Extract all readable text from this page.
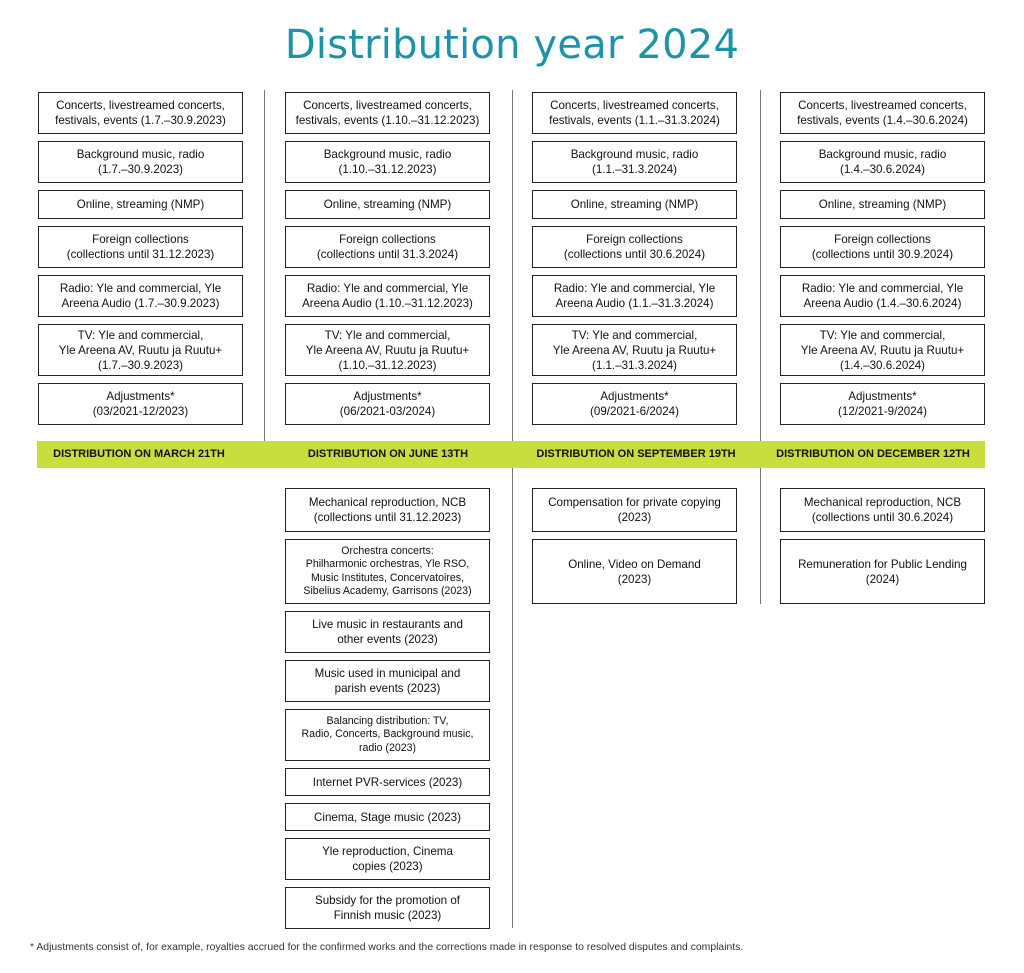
Distribution year 2024
Concerts, livestreamed concerts,
festivals, events (1.7.–30.9.2023)
Background music, radio
(1.7.–30.9.2023)
Online, streaming (NMP)
Foreign collections
(collections until 31.12.2023)
Radio: Yle and commercial, Yle
Areena Audio (1.7.–30.9.2023)
TV: Yle and commercial,
Yle Areena AV, Ruutu ja Ruutu+
(1.7.–30.9.2023)
Adjustments*
(03/2021-12/2023)
DISTRIBUTION ON MARCH 21TH
Concerts, livestreamed concerts,
festivals, events (1.10.–31.12.2023)
Background music, radio
(1.10.–31.12.2023)
Online, streaming (NMP)
Foreign collections
(collections until 31.3.2024)
Radio: Yle and commercial, Yle
Areena Audio (1.10.–31.12.2023)
TV: Yle and commercial,
Yle Areena AV, Ruutu ja Ruutu+
(1.10.–31.12.2023)
Adjustments*
(06/2021-03/2024)
DISTRIBUTION ON JUNE 13TH
Mechanical reproduction, NCB
(collections until 31.12.2023)
Orchestra concerts:
Philharmonic orchestras, Yle RSO,
Music Institutes, Concervatoires,
Sibelius Academy, Garrisons (2023)
Live music in restaurants and
other events (2023)
Music used in municipal and
parish events (2023)
Balancing distribution: TV,
Radio, Concerts, Background music,
radio (2023)
Internet PVR-services (2023)
Cinema, Stage music (2023)
Yle reproduction, Cinema
copies (2023)
Subsidy for the promotion of
Finnish music (2023)
Concerts, livestreamed concerts,
festivals, events (1.1.–31.3.2024)
Background music, radio
(1.1.–31.3.2024)
Online, streaming (NMP)
Foreign collections
(collections until 30.6.2024)
Radio: Yle and commercial, Yle
Areena Audio (1.1.–31.3.2024)
TV: Yle and commercial,
Yle Areena AV, Ruutu ja Ruutu+
(1.1.–31.3.2024)
Adjustments*
(09/2021-6/2024)
DISTRIBUTION ON SEPTEMBER 19TH
Compensation for private copying
(2023)
Online, Video on Demand
(2023)
Concerts, livestreamed concerts,
festivals, events (1.4.–30.6.2024)
Background music, radio
(1.4.–30.6.2024)
Online, streaming (NMP)
Foreign collections
(collections until 30.9.2024)
Radio: Yle and commercial, Yle
Areena Audio (1.4.–30.6.2024)
TV: Yle and commercial,
Yle Areena AV, Ruutu ja Ruutu+
(1.4.–30.6.2024)
Adjustments*
(12/2021-9/2024)
DISTRIBUTION ON DECEMBER 12TH
Mechanical reproduction, NCB
(collections until 30.6.2024)
Remuneration for Public Lending
(2024)
* Adjustments consist of, for example, royalties accrued for the confirmed works and the corrections made in response to resolved disputes and complaints.
